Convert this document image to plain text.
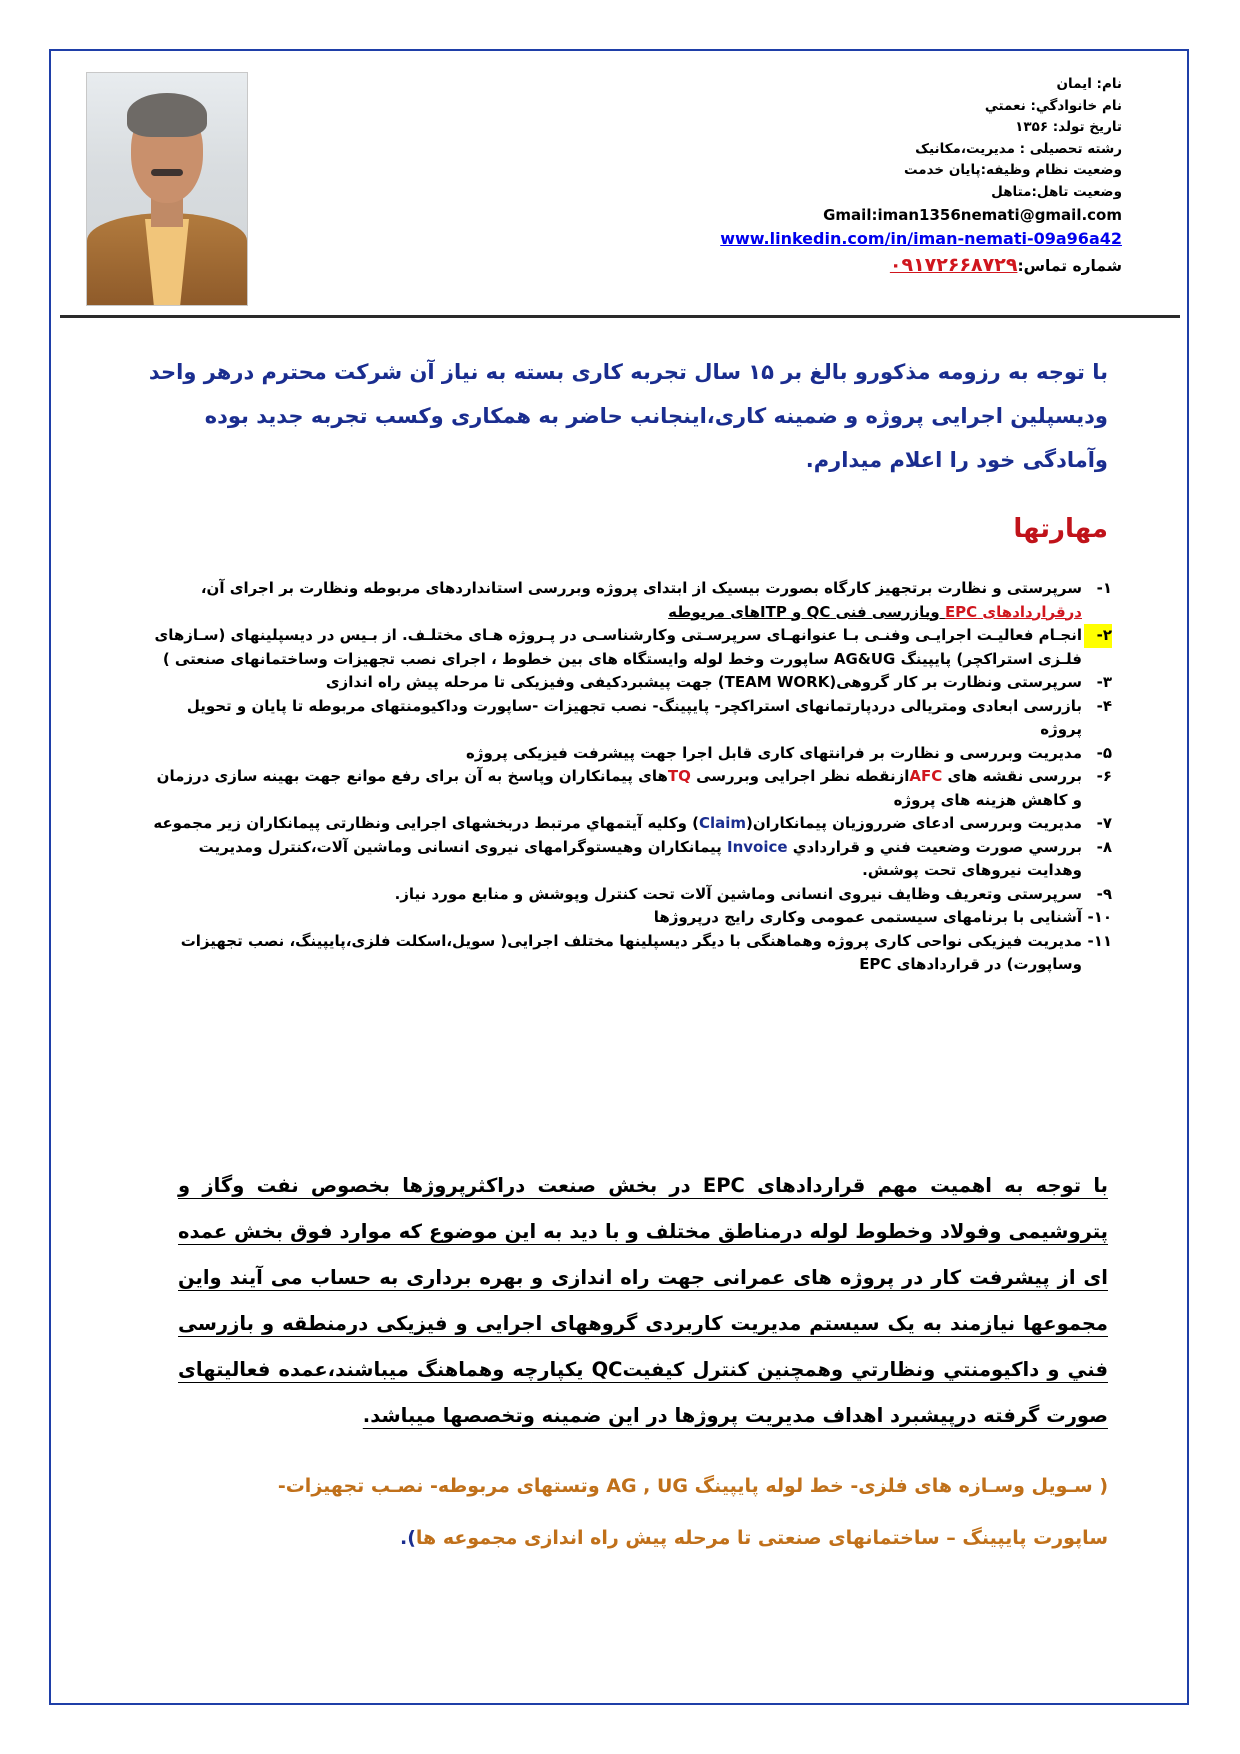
نام: ایمان
نام خانوادگي: نعمتي
تاریخ تولد: ۱۳۵۶
رشته تحصیلی : مدیریت،مکانیک
وضعیت نظام وظیفه:پایان خدمت
وضعیت تاهل:متاهل
Gmail:iman1356nemati@gmail.com
www.linkedin.com/in/iman-nemati-09a96a42
شماره تماس:۰۹۱۷۲۶۶۸۷۲۹
با توجه به رزومه مذکورو بالغ بر ۱۵ سال تجربه کاری بسته به نیاز آن شرکت محترم درهر واحد ودیسپلین اجرایی پروژه و ضمینه کاری،اینجانب حاضر به همکاری وکسب تجربه جدید بوده وآمادگی خود را اعلام میدارم.
مهارتها
۱-
سرپرستی و نظارت برتجهیز کارگاه بصورت بیسیک از ابتدای پروژه وبررسی استانداردهای مربوطه ونظارت بر اجرای آن، درقراردادهای EPC وبازرسی فنی QC و ITPهای مربوطه
۲-
انجـام فعالیـت اجرایـی وفنـی بـا عنوانهـای سرپرسـتی وکارشناسـی در پـروژه هـای مختلـف. از بـیس در دیسپلینهای (سـازهای فلـزی استراکچر) پایپینگ AG&UG ساپورت وخط لوله وایستگاه های بین خطوط ، اجرای نصب تجهیزات وساختمانهای صنعتی )
۳-
سرپرستی ونظارت بر کار گروهی(TEAM WORK) جهت پیشبردکیفی وفیزیکی تا مرحله پیش راه اندازی
۴-
بازرسی ابعادی ومتریالی دردپارتمانهای استراکچر- پایپینگ- نصب تجهیزات -ساپورت وداکیومنتهای مربوطه تا پایان و تحویل پروژه
۵-
مدیریت وبررسی و نظارت بر فرانتهای کاری قابل اجرا جهت پیشرفت فیزیکی پروژه
۶-
بررسی نقشه های AFCازنقطه نظر اجرایی وبررسی TQهای پیمانکاران وپاسخ به آن برای رفع موانع جهت بهینه سازی درزمان و کاهش هزینه های پروژه
۷-
مدیریت وبررسی ادعای ضرروزیان پیمانکاران(Claim) وکلیه آیتمهاي مرتبط دربخشهای اجرایی ونظارتی پیمانکاران زیر مجموعه
۸-
بررسي صورت وضعيت فني و قراردادي Invoice پیمانکاران وهیستوگرامهای نیروی انسانی وماشین آلات،کنترل ومدیریت وهدایت نیروهای تحت پوشش.
۹-
سرپرستی وتعریف وظایف نیروی انسانی وماشین آلات تحت کنترل وپوشش و منابع مورد نیاز.
۱۰-
آشنایی با برنامهای سیستمی عمومی وکاری رایج درپروژها
۱۱-
مدیریت فیزیکی نواحی کاری پروژه وهماهنگی با دیگر دیسپلینها مختلف اجرایی( سویل،اسکلت فلزی،پایپینگ، نصب تجهیزات وساپورت) در قراردادهای EPC
با توجه به اهمیت مهم قراردادهای EPC در بخش صنعت دراکثرپروژها بخصوص نفت وگاز و پتروشیمی وفولاد وخطوط لوله درمناطق مختلف و با دید به این موضوع که موارد فوق بخش عمده ای از پیشرفت کار در پروژه های عمرانی جهت راه اندازی و بهره برداری به حساب می آیند واین مجموعها نیازمند به یک سیستم مدیریت کاربردی گروههای اجرایی و فیزیکی درمنطقه و بازرسی فني و داكيومنتي ونظارتي وهمچنین کنترل کیفیتQC یکپارچه وهماهنگ میباشند،عمده فعالیتهای صورت گرفته درپیشبرد اهداف مدیریت پروژها در این ضمینه وتخصصها میباشد.
( سـویل وسـازه های فلزی- خط لوله پایپینگ AG , UG وتستهای مربوطه- نصـب تجهیزات-
ساپورت پایپینگ – ساختمانهای صنعتی تا مرحله پیش راه اندازی مجموعه ها).
